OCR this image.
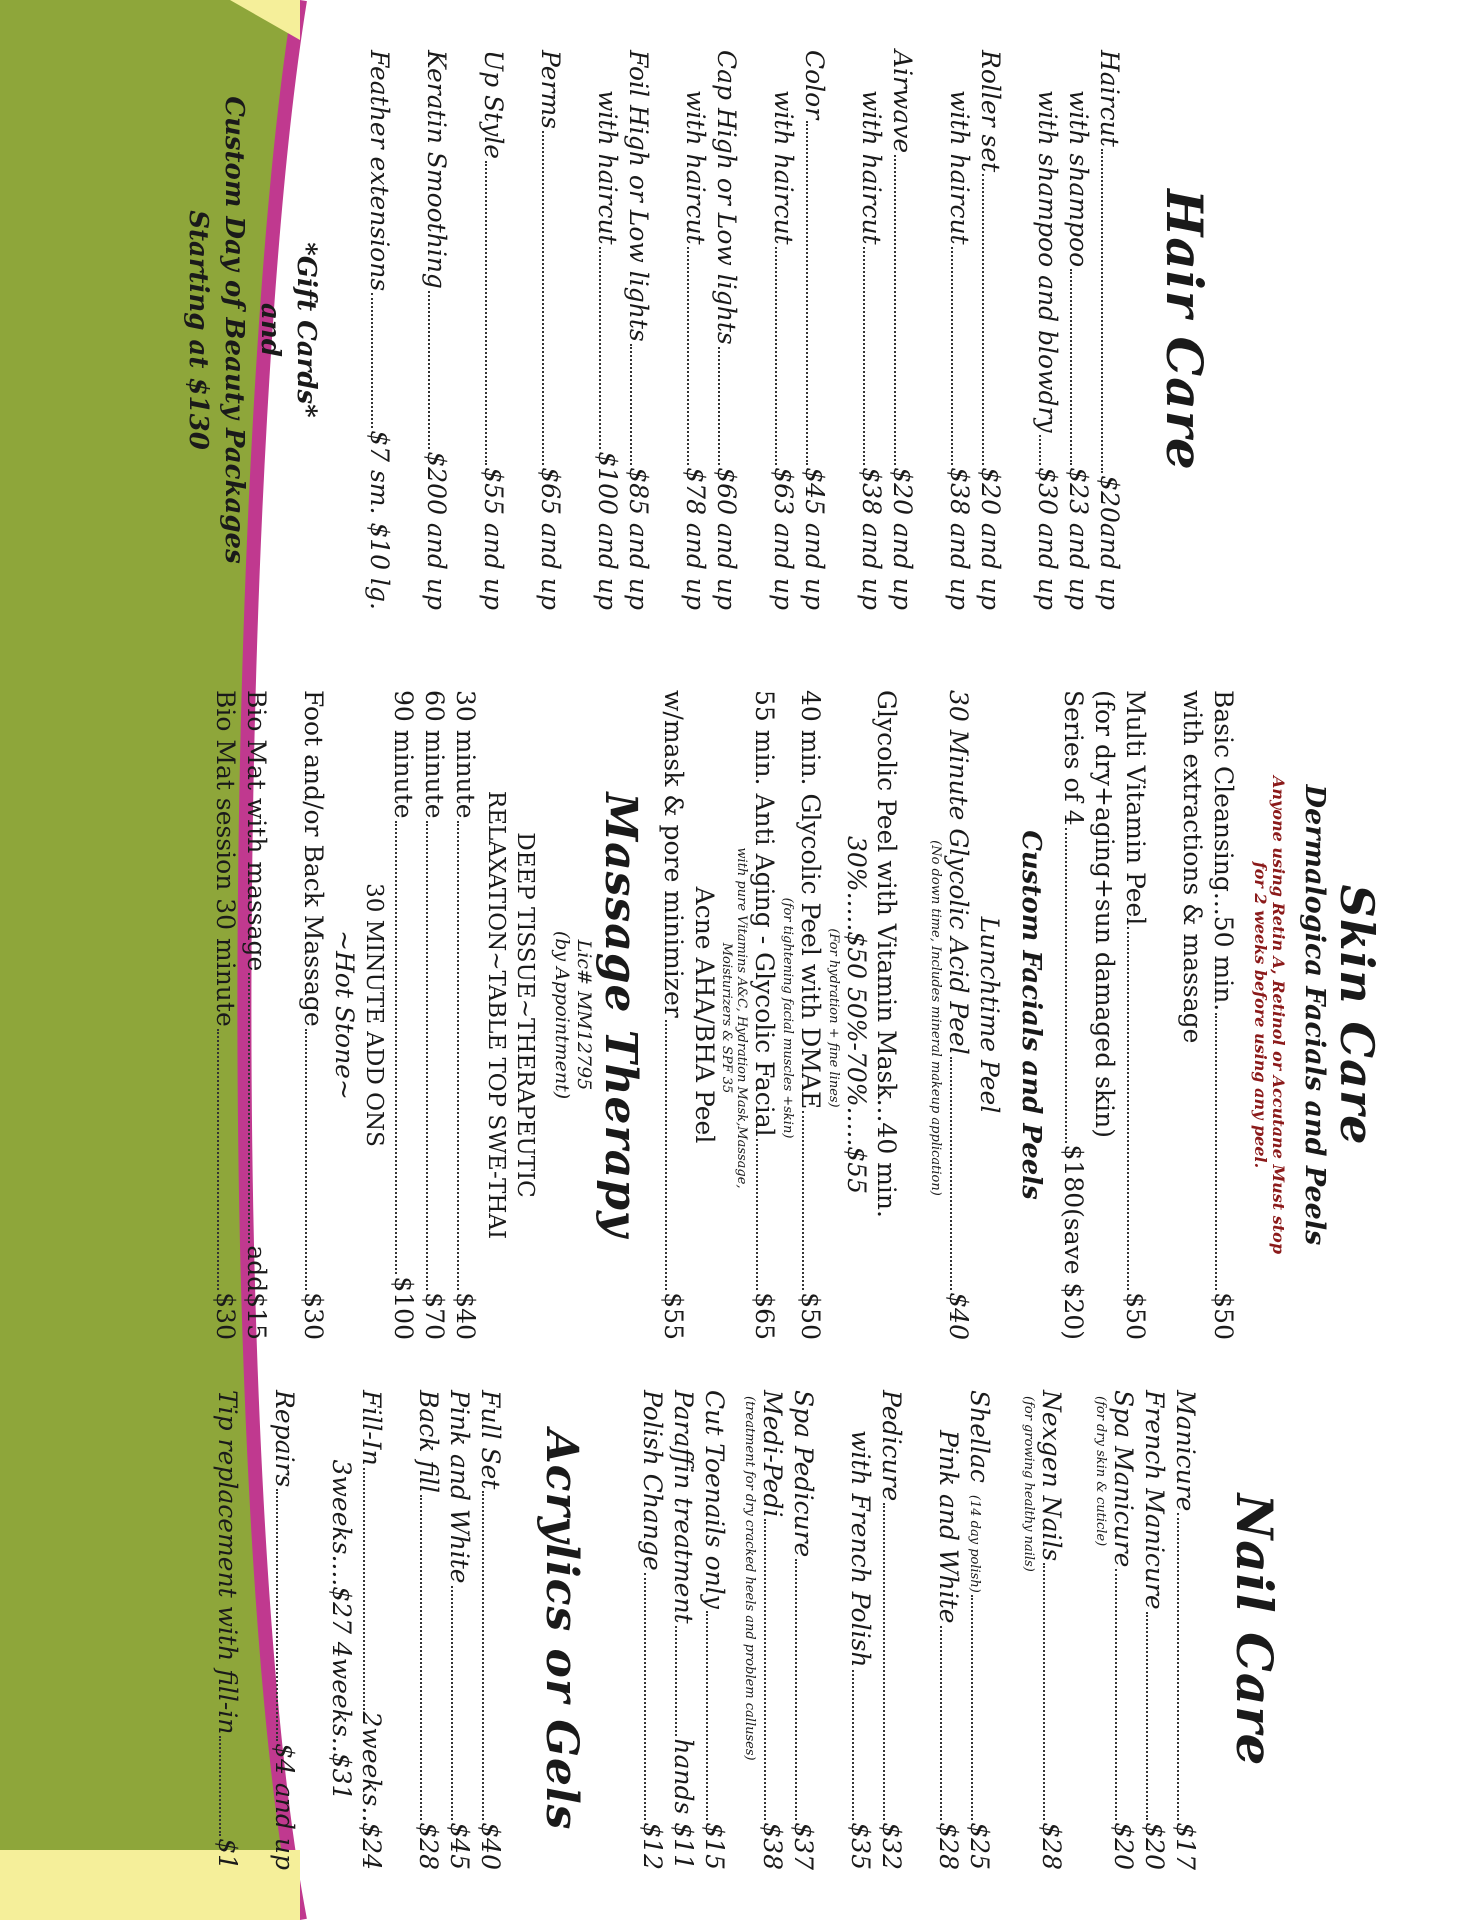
Hair Care
Haircut
$20and up
with shampoo
$23 and up
with shampoo and blowdry
$30 and up
Roller set
$20 and up
with haircut
$38 and up
Airwave
$20 and up
with haircut
$38 and up
Color
$45 and up
with haircut
$63 and up
Cap High or Low lights
$60 and up
with haircut
$78 and up
Foil High or Low lights
$85 and up
with haircut
$100 and up
Perms
$65 and up
Up Style
$55 and up
Keratin Smoothing
$200 and up
Feather extensions
$7 sm. $10 lg.
*Gift Cards*
and
Custom Day of Beauty Packages
Starting at $130
Skin Care
Dermalogica Facials and Peels
Anyone using Retin A, Retinol or Accutane Must stop
for 2 weeks before using any peel.
Basic Cleansing...50 min.
$50
with extractions & massage
Multi Vitamin Peel
$50
(for dry+aging+sun damaged skin)
Series of 4
$180(save $20)
Custom Facials and Peels
Lunchtime Peel
30 Minute Glycolic Acid Peel
$40
(No down time, Includes mineral makeup application)
Glycolic Peel with Vitamin Mask...40 min.
30%.....$50 50%-70%.....$55
(For hydration + fine lines)
40 min. Glycolic Peel with DMAE
$50
(for tightening facial muscles +skin)
55 min. Anti Aging - Glycolic Facial
$65
with pure Vitamins A&C, Hydration Mask,Massage,
Moisturizers & SPF 35
Acne AHA/BHA Peel
w/mask & pore minimizer
$55
Massage Therapy
Lic# MM12795
(by Appointment)
DEEP TISSUE~THERAPEUTIC
RELAXATION~TABLE TOP SWE-THAI
30 minute
$40
60 minute
$70
90 minute
$100
30 MINUTE ADD ONS
~Hot Stone~
Foot and/or Back Massage
$30
Bio Mat with massage
add$15
Bio Mat session 30 minute
$30
Nail Care
Manicure
$17
French Manicure
$20
Spa Manicure
$20
(for dry skin & cuticle)
Nexgen Nails
$28
(for growing healthy nails)
Shellac
(14 day polish)
$25
Pink and White
$28
Pedicure
$32
with French Polish
$35
Spa Pedicure
$37
Medi-Pedi
$38
(treatment for dry cracked heels and problem calluses)
Cut Toenails only
$15
Paraffin treatment
hands $11
Polish Change
$12
Acrylics or Gels
Full Set
$40
Pink and White
$45
Back fill
$28
Fill-In
2weeks..$24
3weeks....$27 4weeks..$31
Repairs
$4 and up
Tip replacement with fill-in
$1
